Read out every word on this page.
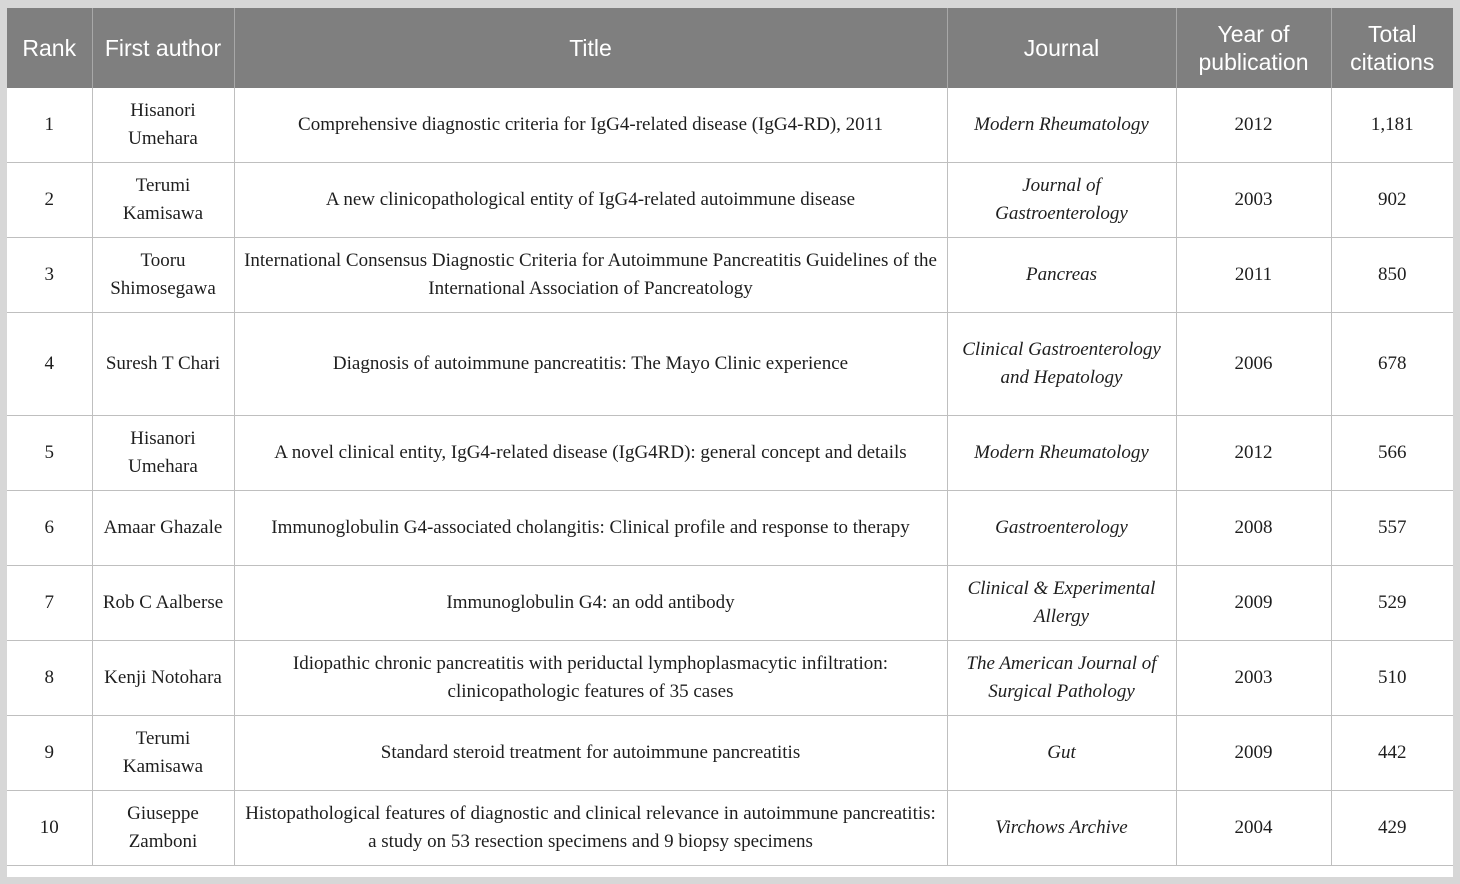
Rank	First author	Title	Journal	Year of publication	Total citations
1	Hisanori Umehara	Comprehensive diagnostic criteria for IgG4-related disease (IgG4-RD), 2011	Modern Rheumatology	2012	1,181
2	Terumi Kamisawa	A new clinicopathological entity of IgG4-related autoimmune disease	Journal of Gastroenterology	2003	902
3	Tooru Shimosegawa	International Consensus Diagnostic Criteria for Autoimmune Pancreatitis Guidelines of the International Association of Pancreatology	Pancreas	2011	850
4	Suresh T Chari	Diagnosis of autoimmune pancreatitis: The Mayo Clinic experience	Clinical Gastroenterology and Hepatology	2006	678
5	Hisanori Umehara	A novel clinical entity, IgG4-related disease (IgG4RD): general concept and details	Modern Rheumatology	2012	566
6	Amaar Ghazale	Immunoglobulin G4-associated cholangitis: Clinical profile and response to therapy	Gastroenterology	2008	557
7	Rob C Aalberse	Immunoglobulin G4: an odd antibody	Clinical & Experimental Allergy	2009	529
8	Kenji Notohara	Idiopathic chronic pancreatitis with periductal lymphoplasmacytic infiltration: clinicopathologic features of 35 cases	The American Journal of Surgical Pathology	2003	510
9	Terumi Kamisawa	Standard steroid treatment for autoimmune pancreatitis	Gut	2009	442
10	Giuseppe Zamboni	Histopathological features of diagnostic and clinical relevance in autoimmune pancreatitis: a study on 53 resection specimens and 9 biopsy specimens	Virchows Archive	2004	429
